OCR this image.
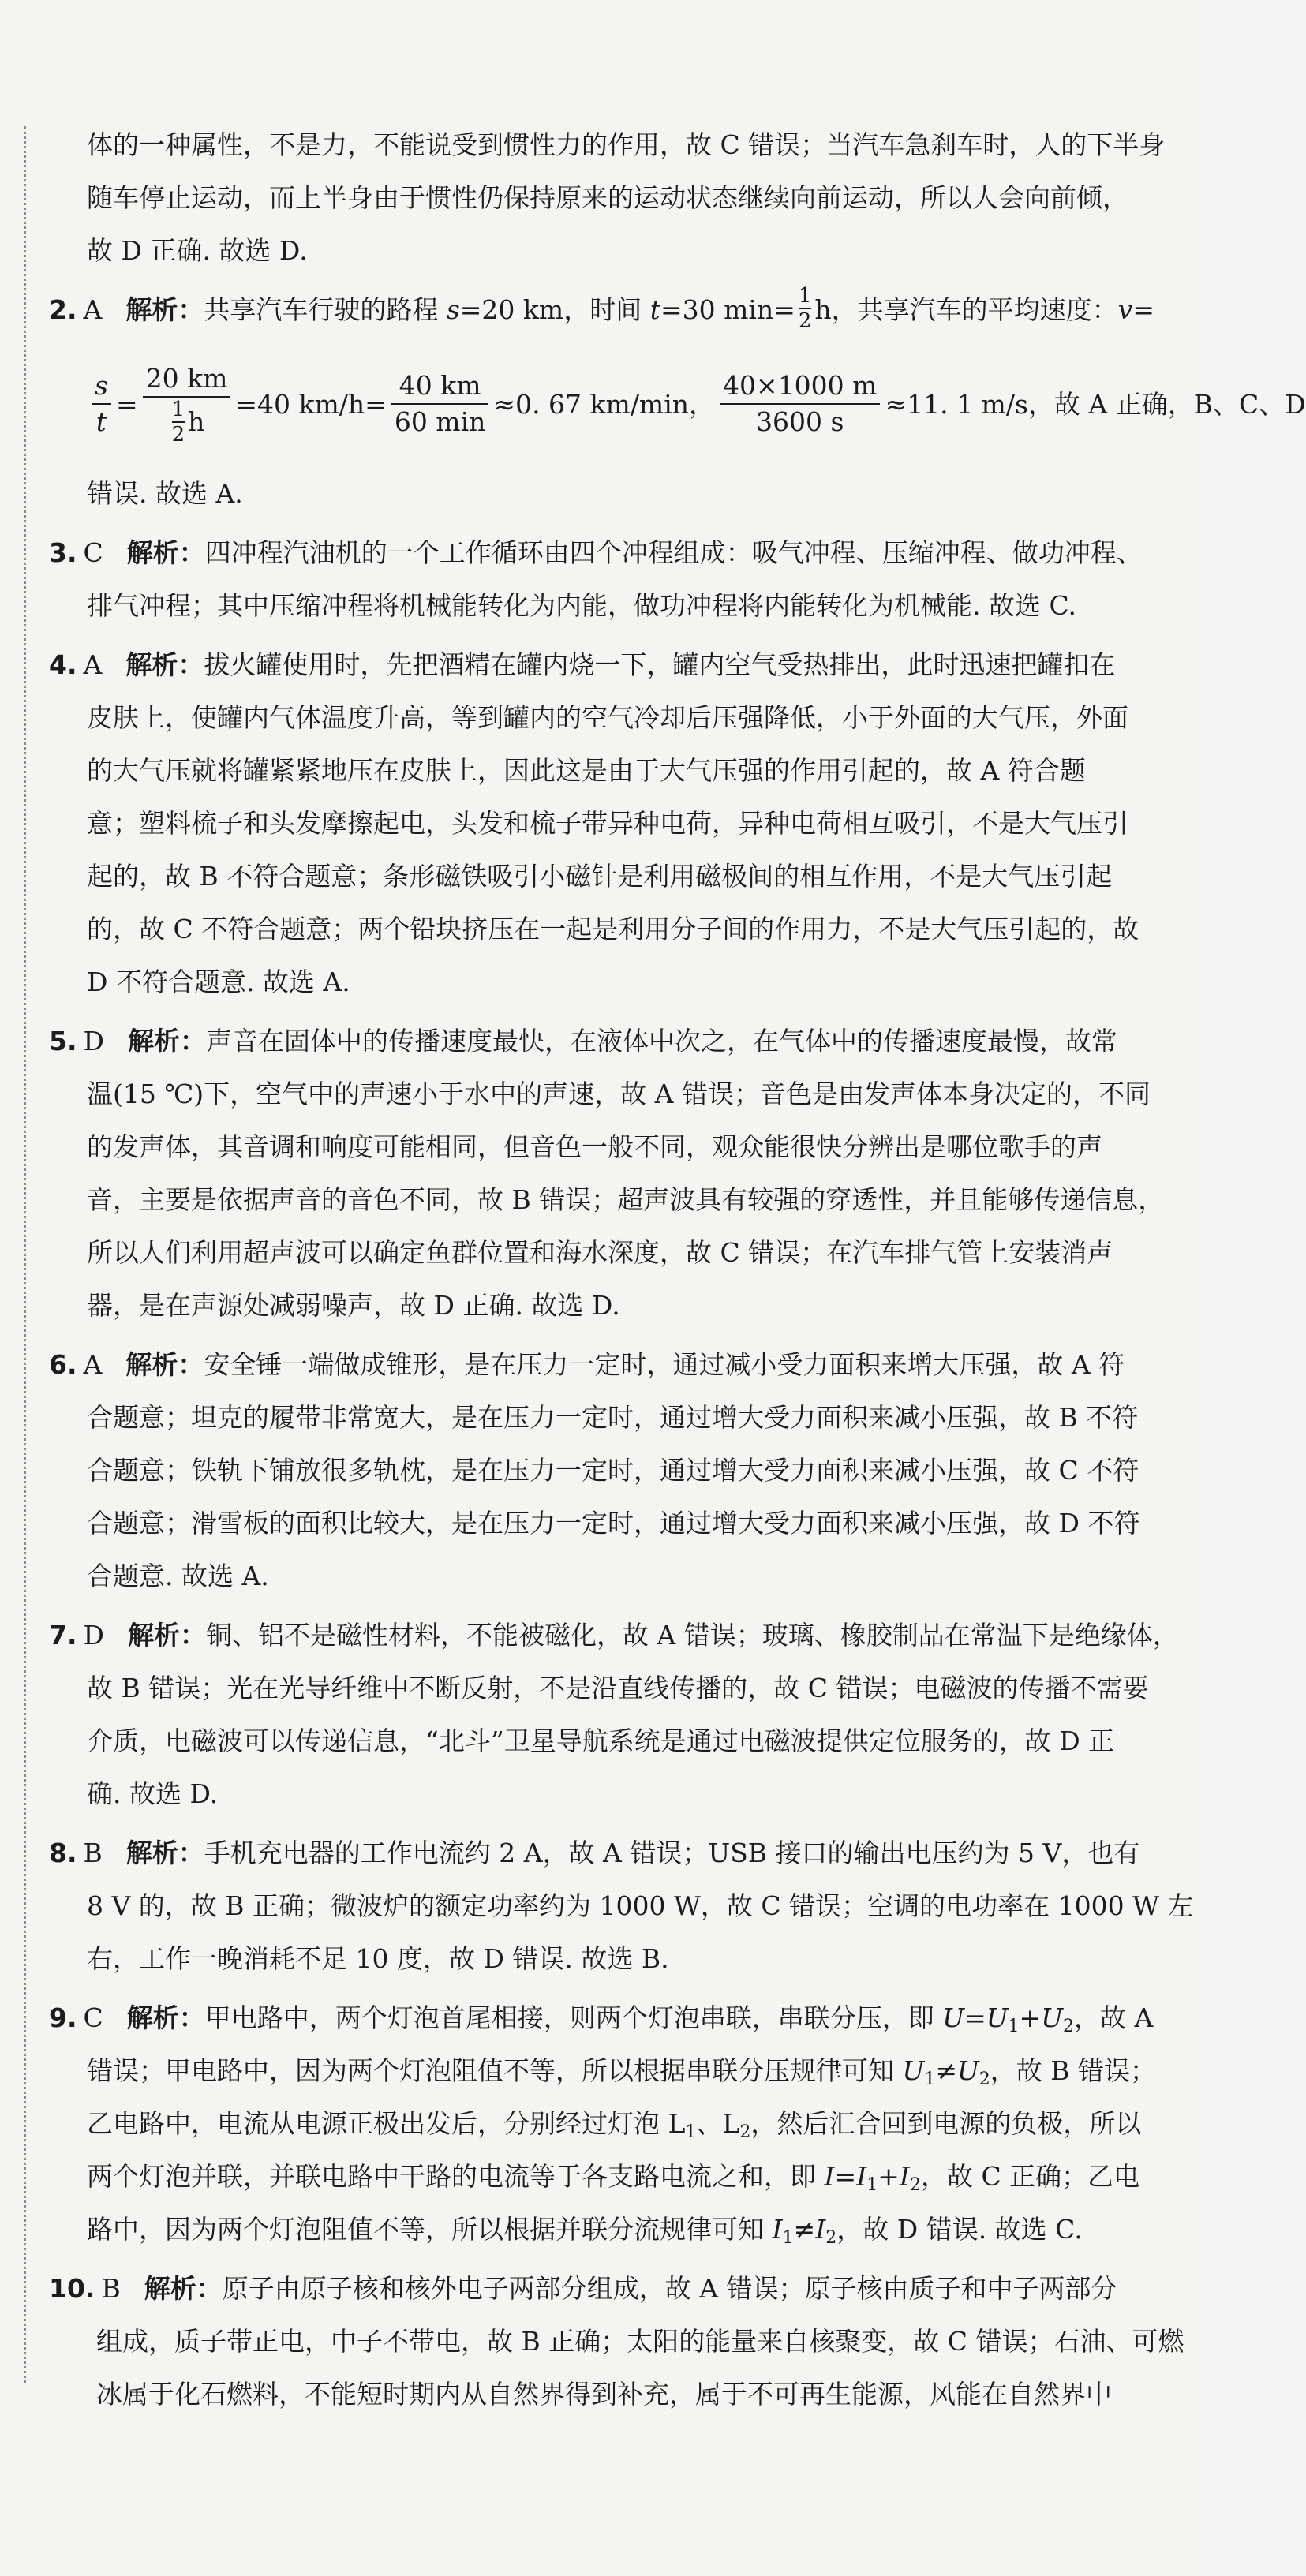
体的一种属性，不是力，不能说受到惯性力的作用，故 C 错误；当汽车急刹车时，人的下半身
随车停止运动，而上半身由于惯性仍保持原来的运动状态继续向前运动，所以人会向前倾，
故 D 正确. 故选 D.
2. A 解析：共享汽车行驶的路程 s=20 km，时间 t=30 $\min= \frac{1}{2}$ h，共享汽车的平均速度：v=
s
t
=
20 km
$\frac{1}{2}$ h
=40 km/h=
40 km
60 min
≈0. 67 km/min，
40×1000 m
3600 s
≈11. 1 m/s，故 A 正确，B、C、D
错误. 故选 A.
3. C 解析：四冲程汽油机的一个工作循环由四个冲程组成：吸气冲程、压缩冲程、做功冲程、
排气冲程；其中压缩冲程将机械能转化为内能，做功冲程将内能转化为机械能. 故选 C.
4. A 解析：拔火罐使用时，先把酒精在罐内烧一下，罐内空气受热排出，此时迅速把罐扣在
皮肤上，使罐内气体温度升高，等到罐内的空气冷却后压强降低，小于外面的大气压，外面
的大气压就将罐紧紧地压在皮肤上，因此这是由于大气压强的作用引起的，故 A 符合题
意；塑料梳子和头发摩擦起电，头发和梳子带异种电荷，异种电荷相互吸引，不是大气压引
起的，故 B 不符合题意；条形磁铁吸引小磁针是利用磁极间的相互作用，不是大气压引起
的，故 C 不符合题意；两个铅块挤压在一起是利用分子间的作用力，不是大气压引起的，故
D 不符合题意. 故选 A.
5. D 解析：声音在固体中的传播速度最快，在液体中次之，在气体中的传播速度最慢，故常
温(15 ℃)下，空气中的声速小于水中的声速，故 A 错误；音色是由发声体本身决定的，不同
的发声体，其音调和响度可能相同，但音色一般不同，观众能很快分辨出是哪位歌手的声
音，主要是依据声音的音色不同，故 B 错误；超声波具有较强的穿透性，并且能够传递信息，
所以人们利用超声波可以确定鱼群位置和海水深度，故 C 错误；在汽车排气管上安装消声
器，是在声源处减弱噪声，故 D 正确. 故选 D.
6. A 解析：安全锤一端做成锥形，是在压力一定时，通过减小受力面积来增大压强，故 A 符
合题意；坦克的履带非常宽大，是在压力一定时，通过增大受力面积来减小压强，故 B 不符
合题意；铁轨下铺放很多轨枕，是在压力一定时，通过增大受力面积来减小压强，故 C 不符
合题意；滑雪板的面积比较大，是在压力一定时，通过增大受力面积来减小压强，故 D 不符
合题意. 故选 A.
7. D 解析：铜、铝不是磁性材料，不能被磁化，故 A 错误；玻璃、橡胶制品在常温下是绝缘体，
故 B 错误；光在光导纤维中不断反射，不是沿直线传播的，故 C 错误；电磁波的传播不需要
介质，电磁波可以传递信息，“北斗”卫星导航系统是通过电磁波提供定位服务的，故 D 正
确. 故选 D.
8. B 解析：手机充电器的工作电流约 2 A，故 A 错误；USB 接口的输出电压约为 5 V，也有
8 V 的，故 B 正确；微波炉的额定功率约为 1000 W，故 C 错误；空调的电功率在 1000 W 左
右，工作一晚消耗不足 10 度，故 D 错误. 故选 B.
9. C 解析：甲电路中，两个灯泡首尾相接，则两个灯泡串联，串联分压，即 $U=U_1+U_2$，故 A
错误；甲电路中，因为两个灯泡阻值不等，所以根据串联分压规律可知 $U_1\ne U_2$，故 B 错误；
乙电路中，电流从电源正极出发后，分别经过灯泡 $L_1$、$L_2$，然后汇合回到电源的负极，所以
两个灯泡并联，并联电路中干路的电流等于各支路电流之和，即 $I=I_1+I_2$，故 C 正确；乙电
路中，因为两个灯泡阻值不等，所以根据并联分流规律可知 $I_1\ne I_2$，故 D 错误. 故选 C.
10. B 解析：原子由原子核和核外电子两部分组成，故 A 错误；原子核由质子和中子两部分
组成，质子带正电，中子不带电，故 B 正确；太阳的能量来自核聚变，故 C 错误；石油、可燃
冰属于化石燃料，不能短时期内从自然界得到补充，属于不可再生能源，风能在自然界中
